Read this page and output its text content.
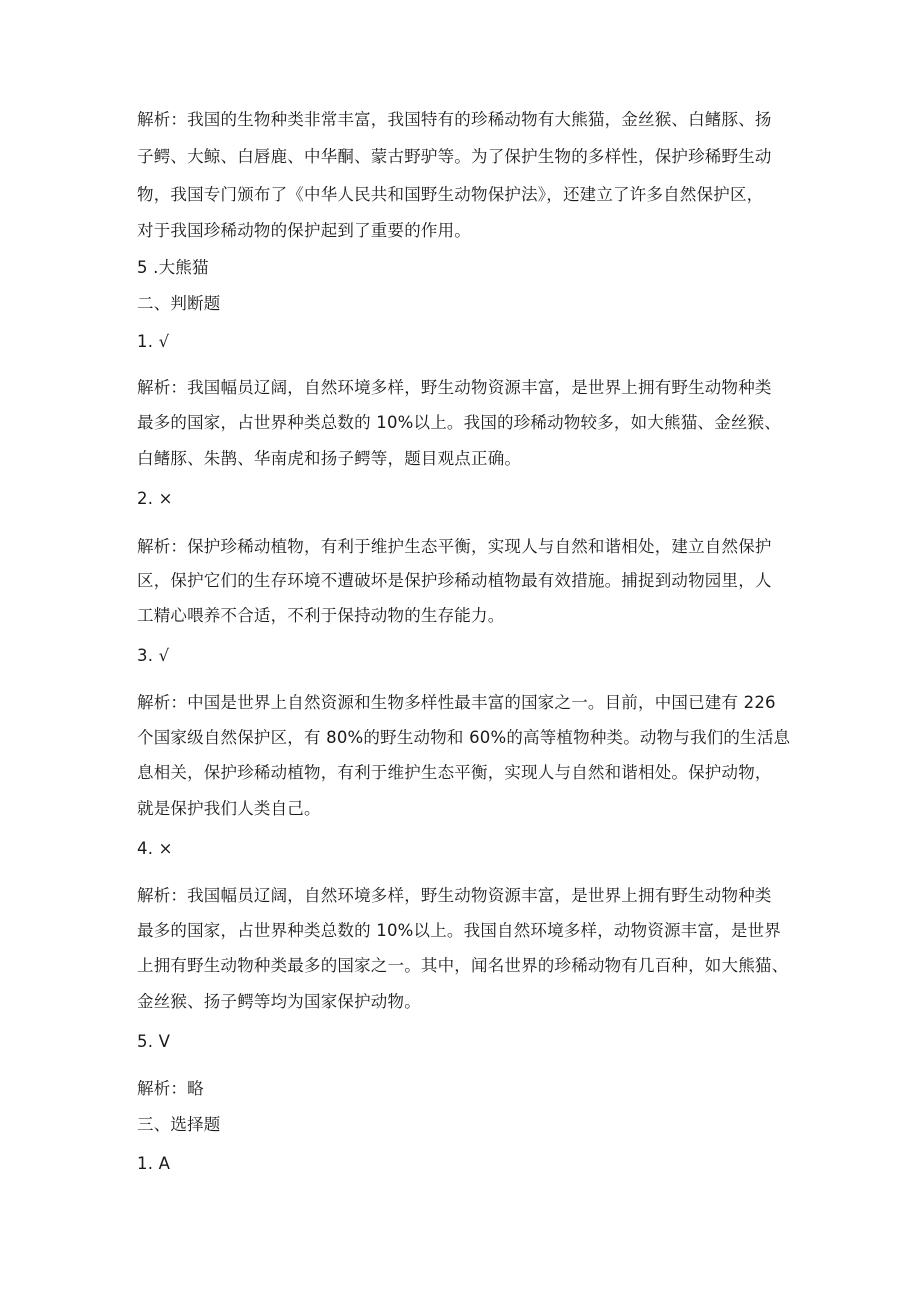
解析：我国的生物种类非常丰富，我国特有的珍稀动物有大熊猫，金丝猴、白鳍豚、扬
子鳄、大鲸、白唇鹿、中华酮、蒙古野驴等。为了保护生物的多样性，保护珍稀野生动
物，我国专门颁布了《中华人民共和国野生动物保护法》，还建立了许多自然保护区，
对于我国珍稀动物的保护起到了重要的作用。
5 .大熊猫
二、判断题
1. √
解析：我国幅员辽阔，自然环境多样，野生动物资源丰富，是世界上拥有野生动物种类
最多的国家，占世界种类总数的 10%以上。我国的珍稀动物较多，如大熊猫、金丝猴、
白鳍豚、朱鹊、华南虎和扬子鳄等，题目观点正确。
2. ×
解析：保护珍稀动植物，有利于维护生态平衡，实现人与自然和谐相处，建立自然保护
区，保护它们的生存环境不遭破坏是保护珍稀动植物最有效措施。捕捉到动物园里，人
工精心喂养不合适，不利于保持动物的生存能力。
3. √
解析：中国是世界上自然资源和生物多样性最丰富的国家之一。目前，中国已建有 226
个国家级自然保护区，有 80%的野生动物和 60%的高等植物种类。动物与我们的生活息
息相关，保护珍稀动植物，有利于维护生态平衡，实现人与自然和谐相处。保护动物，
就是保护我们人类自己。
4. ×
解析：我国幅员辽阔，自然环境多样，野生动物资源丰富，是世界上拥有野生动物种类
最多的国家，占世界种类总数的 10%以上。我国自然环境多样，动物资源丰富，是世界
上拥有野生动物种类最多的国家之一。其中，闻名世界的珍稀动物有几百种，如大熊猫、
金丝猴、扬子鳄等均为国家保护动物。
5. V
解析：略
三、选择题
1. A
